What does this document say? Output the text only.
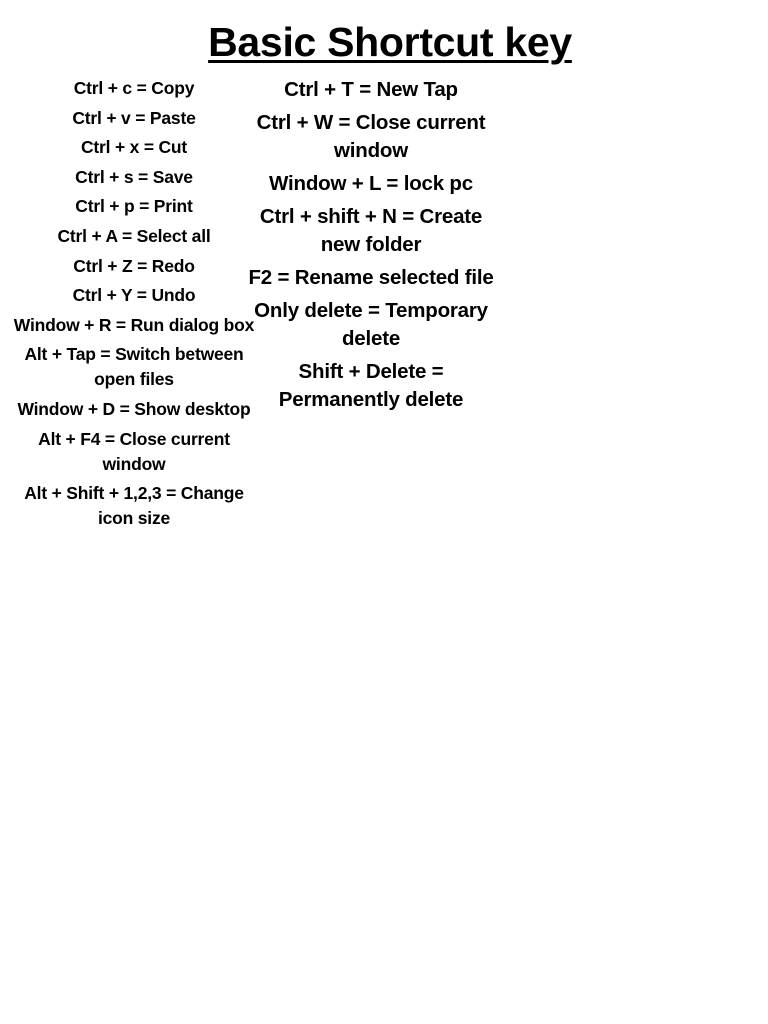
Basic Shortcut key
Ctrl + c = Copy
Ctrl + v = Paste
Ctrl + x = Cut
Ctrl + s = Save
Ctrl + p = Print
Ctrl + A = Select all
Ctrl + Z = Redo
Ctrl + Y = Undo
Window + R = Run dialog box
Alt + Tap = Switch between open files
Window + D = Show desktop
Alt + F4 = Close current window
Alt + Shift + 1,2,3 = Change icon size
Ctrl + T = New Tap
Ctrl + W = Close current window
Window + L = lock pc
Ctrl + shift + N = Create new folder
F2 = Rename selected file
Only delete = Temporary delete
Shift + Delete = Permanently delete
